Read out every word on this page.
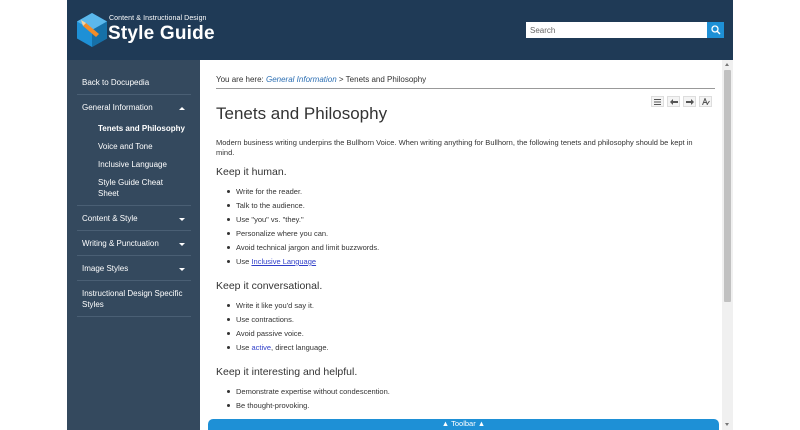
Content & Instructional Design
Style Guide
Search
Back to Docupedia
General Information
Tenets and Philosophy
Voice and Tone
Inclusive Language
Style Guide Cheat Sheet
Content & Style
Writing & Punctuation
Image Styles
Instructional Design Specific Styles
You are here: General Information > Tenets and Philosophy
Tenets and Philosophy
Modern business writing underpins the Bullhorn Voice. When writing anything for Bullhorn, the following tenets and philosophy should be kept in mind.
Keep it human.
Write for the reader.
Talk to the audience.
Use "you" vs. "they."
Personalize where you can.
Avoid technical jargon and limit buzzwords.
Use Inclusive Language
Keep it conversational.
Write it like you'd say it.
Use contractions.
Avoid passive voice.
Use active, direct language.
Keep it interesting and helpful.
Demonstrate expertise without condescention.
Be thought-provoking.
▲ Toolbar ▲
